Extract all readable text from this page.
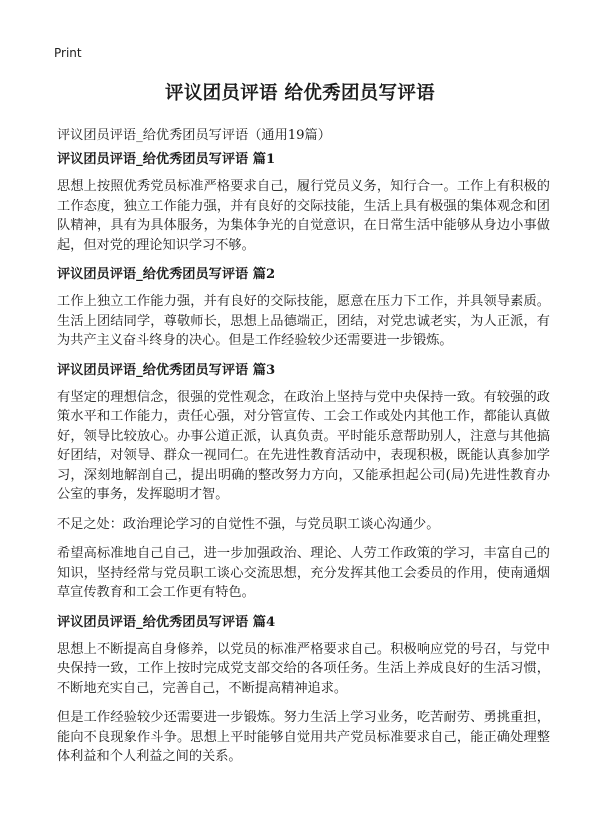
Print
评议团员评语 给优秀团员写评语
评议团员评语_给优秀团员写评语（通用19篇）
评议团员评语_给优秀团员写评语 篇1

思想上按照优秀党员标准严格要求自己，履行党员义务，知行合一。工作上有积极的工作态度，独立工作能力强，并有良好的交际技能，生活上具有极强的集体观念和团队精神，具有为具体服务，为集体争光的自觉意识，在日常生活中能够从身边小事做起，但对党的理论知识学习不够。

评议团员评语_给优秀团员写评语 篇2

工作上独立工作能力强，并有良好的交际技能，愿意在压力下工作，并具领导素质。生活上团结同学，尊敬师长，思想上品德端正，团结，对党忠诚老实，为人正派，有为共产主义奋斗终身的决心。但是工作经验较少还需要进一步锻炼。

评议团员评语_给优秀团员写评语 篇3

有坚定的理想信念，很强的党性观念，在政治上坚持与党中央保持一致。有较强的政策水平和工作能力，责任心强，对分管宣传、工会工作或处内其他工作，都能认真做好，领导比较放心。办事公道正派，认真负责。平时能乐意帮助别人，注意与其他搞好团结，对领导、群众一视同仁。在先进性教育活动中，表现积极，既能认真参加学习，深刻地解剖自己，提出明确的整改努力方向，又能承担起公司(局)先进性教育办公室的事务，发挥聪明才智。

不足之处：政治理论学习的自觉性不强，与党员职工谈心沟通少。

希望高标准地自己自己，进一步加强政治、理论、人劳工作政策的学习，丰富自己的知识，坚持经常与党员职工谈心交流思想，充分发挥其他工会委员的作用，使南通烟草宣传教育和工会工作更有特色。

评议团员评语_给优秀团员写评语 篇4

思想上不断提高自身修养，以党员的标准严格要求自己。积极响应党的号召，与党中央保持一致，工作上按时完成党支部交给的各项任务。生活上养成良好的生活习惯，不断地充实自己，完善自己，不断提高精神追求。

但是工作经验较少还需要进一步锻炼。努力生活上学习业务，吃苦耐劳、勇挑重担，能向不良现象作斗争。思想上平时能够自觉用共产党员标准要求自己，能正确处理整体利益和个人利益之间的关系。
